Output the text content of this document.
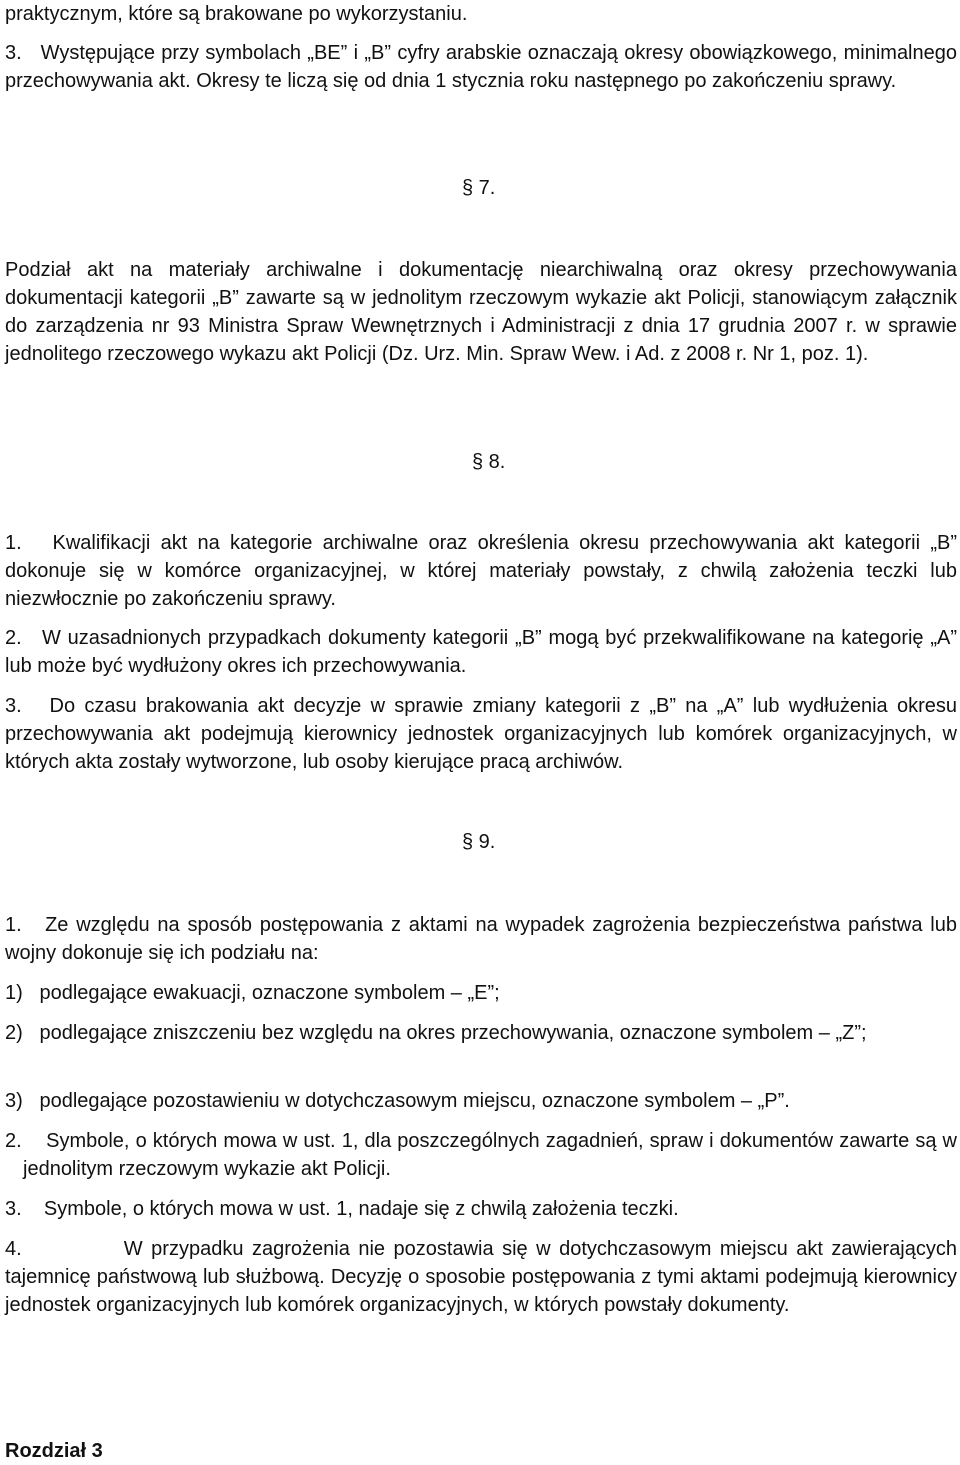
praktycznym, które są brakowane po wykorzystaniu.

3.   Występujące przy symbolach „BE” i „B” cyfry arabskie oznaczają okresy obowiązkowego, minimalnego przechowywania akt. Okresy te liczą się od dnia 1 stycznia roku następnego po zakończeniu sprawy.

§ 7.

Podział akt na materiały archiwalne i dokumentację niearchiwalną oraz okresy przechowywania dokumentacji kategorii „B” zawarte są w jednolitym rzeczowym wykazie akt Policji, stanowiącym załącznik do zarządzenia nr 93 Ministra Spraw Wewnętrznych i Administracji z dnia 17 grudnia 2007 r. w sprawie jednolitego rzeczowego wykazu akt Policji (Dz. Urz. Min. Spraw Wew. i Ad. z 2008 r. Nr 1, poz. 1).

§ 8.

1.   Kwalifikacji akt na kategorie archiwalne oraz określenia okresu przechowywania akt kategorii „B” dokonuje się w komórce organizacyjnej, w której materiały powstały, z chwilą założenia teczki lub niezwłocznie po zakończeniu sprawy.

2.   W uzasadnionych przypadkach dokumenty kategorii „B” mogą być przekwalifikowane na kategorię „A” lub może być wydłużony okres ich przechowywania.

3.   Do czasu brakowania akt decyzje w sprawie zmiany kategorii z „B” na „A” lub wydłużenia okresu przechowywania akt podejmują kierownicy jednostek organizacyjnych lub komórek organizacyjnych, w których akta zostały wytworzone, lub osoby kierujące pracą archiwów.

§ 9.

1.   Ze względu na sposób postępowania z aktami na wypadek zagrożenia bezpieczeństwa państwa lub wojny dokonuje się ich podziału na:

1)   podlegające ewakuacji, oznaczone symbolem – „E”;

2)   podlegające zniszczeniu bez względu na okres przechowywania, oznaczone symbolem – „Z”;

3)   podlegające pozostawieniu w dotychczasowym miejscu, oznaczone symbolem – „P”.

2.    Symbole, o których mowa w ust. 1, dla poszczególnych zagadnień, spraw i dokumentów zawarte są w jednolitym rzeczowym wykazie akt Policji.

3.    Symbole, o których mowa w ust. 1, nadaje się z chwilą założenia teczki.

4.            W przypadku zagrożenia nie pozostawia się w dotychczasowym miejscu akt zawierających tajemnicę państwową lub służbową. Decyzję o sposobie postępowania z tymi aktami podejmują kierownicy jednostek organizacyjnych lub komórek organizacyjnych, w których powstały dokumenty.

Rozdział 3
